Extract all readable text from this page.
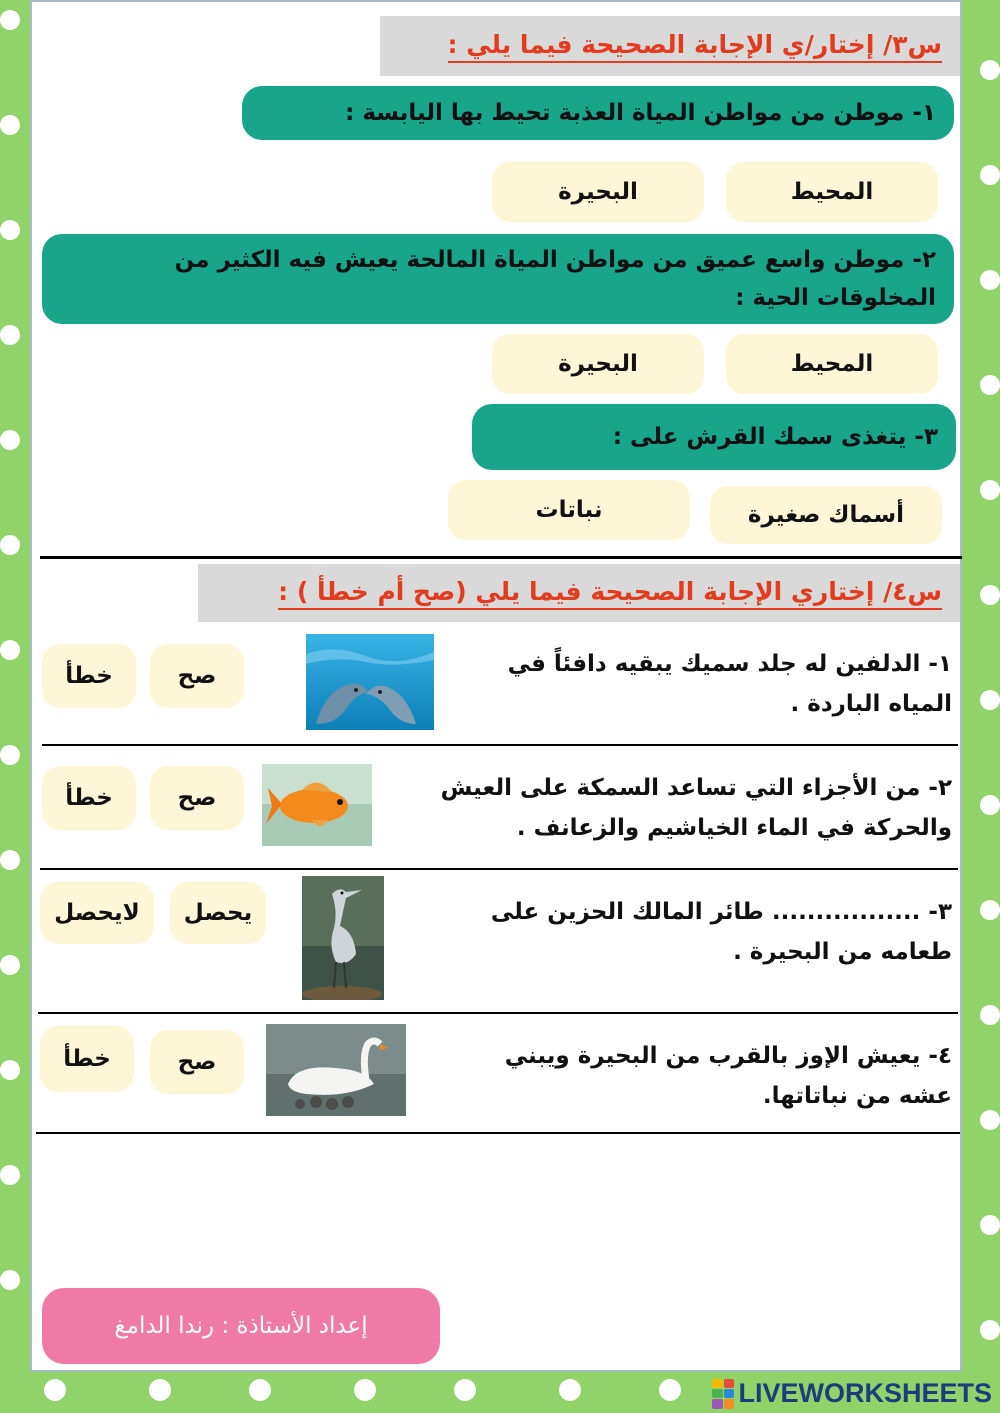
س٣/ إختار/ي الإجابة الصحيحة فيما يلي :
١- موطن من مواطن المياة العذبة تحيط بها اليابسة :
المحيط
البحيرة
٢- موطن واسع عميق من مواطن المياة المالحة يعيش فيه الكثير من المخلوقات الحية :
المحيط
البحيرة
٣- يتغذى سمك القرش على :
أسماك صغيرة
نباتات
س٤/ إختاري الإجابة الصحيحة فيما يلي (صح أم خطأ ) :
١- الدلفين له جلد سميك يبقيه دافئاً في المياه الباردة .
صح
خطأ
٢- من الأجزاء التي تساعد السمكة على العيش والحركة في الماء الخياشيم والزعانف .
صح
خطأ
٣- ................. طائر المالك الحزين على طعامه من البحيرة .
يحصل
لايحصل
٤- يعيش الإوز بالقرب من البحيرة ويبني عشه من نباتاتها.
صح
خطأ
إعداد الأستاذة : رندا الدامغ
LIVEWORKSHEETS
